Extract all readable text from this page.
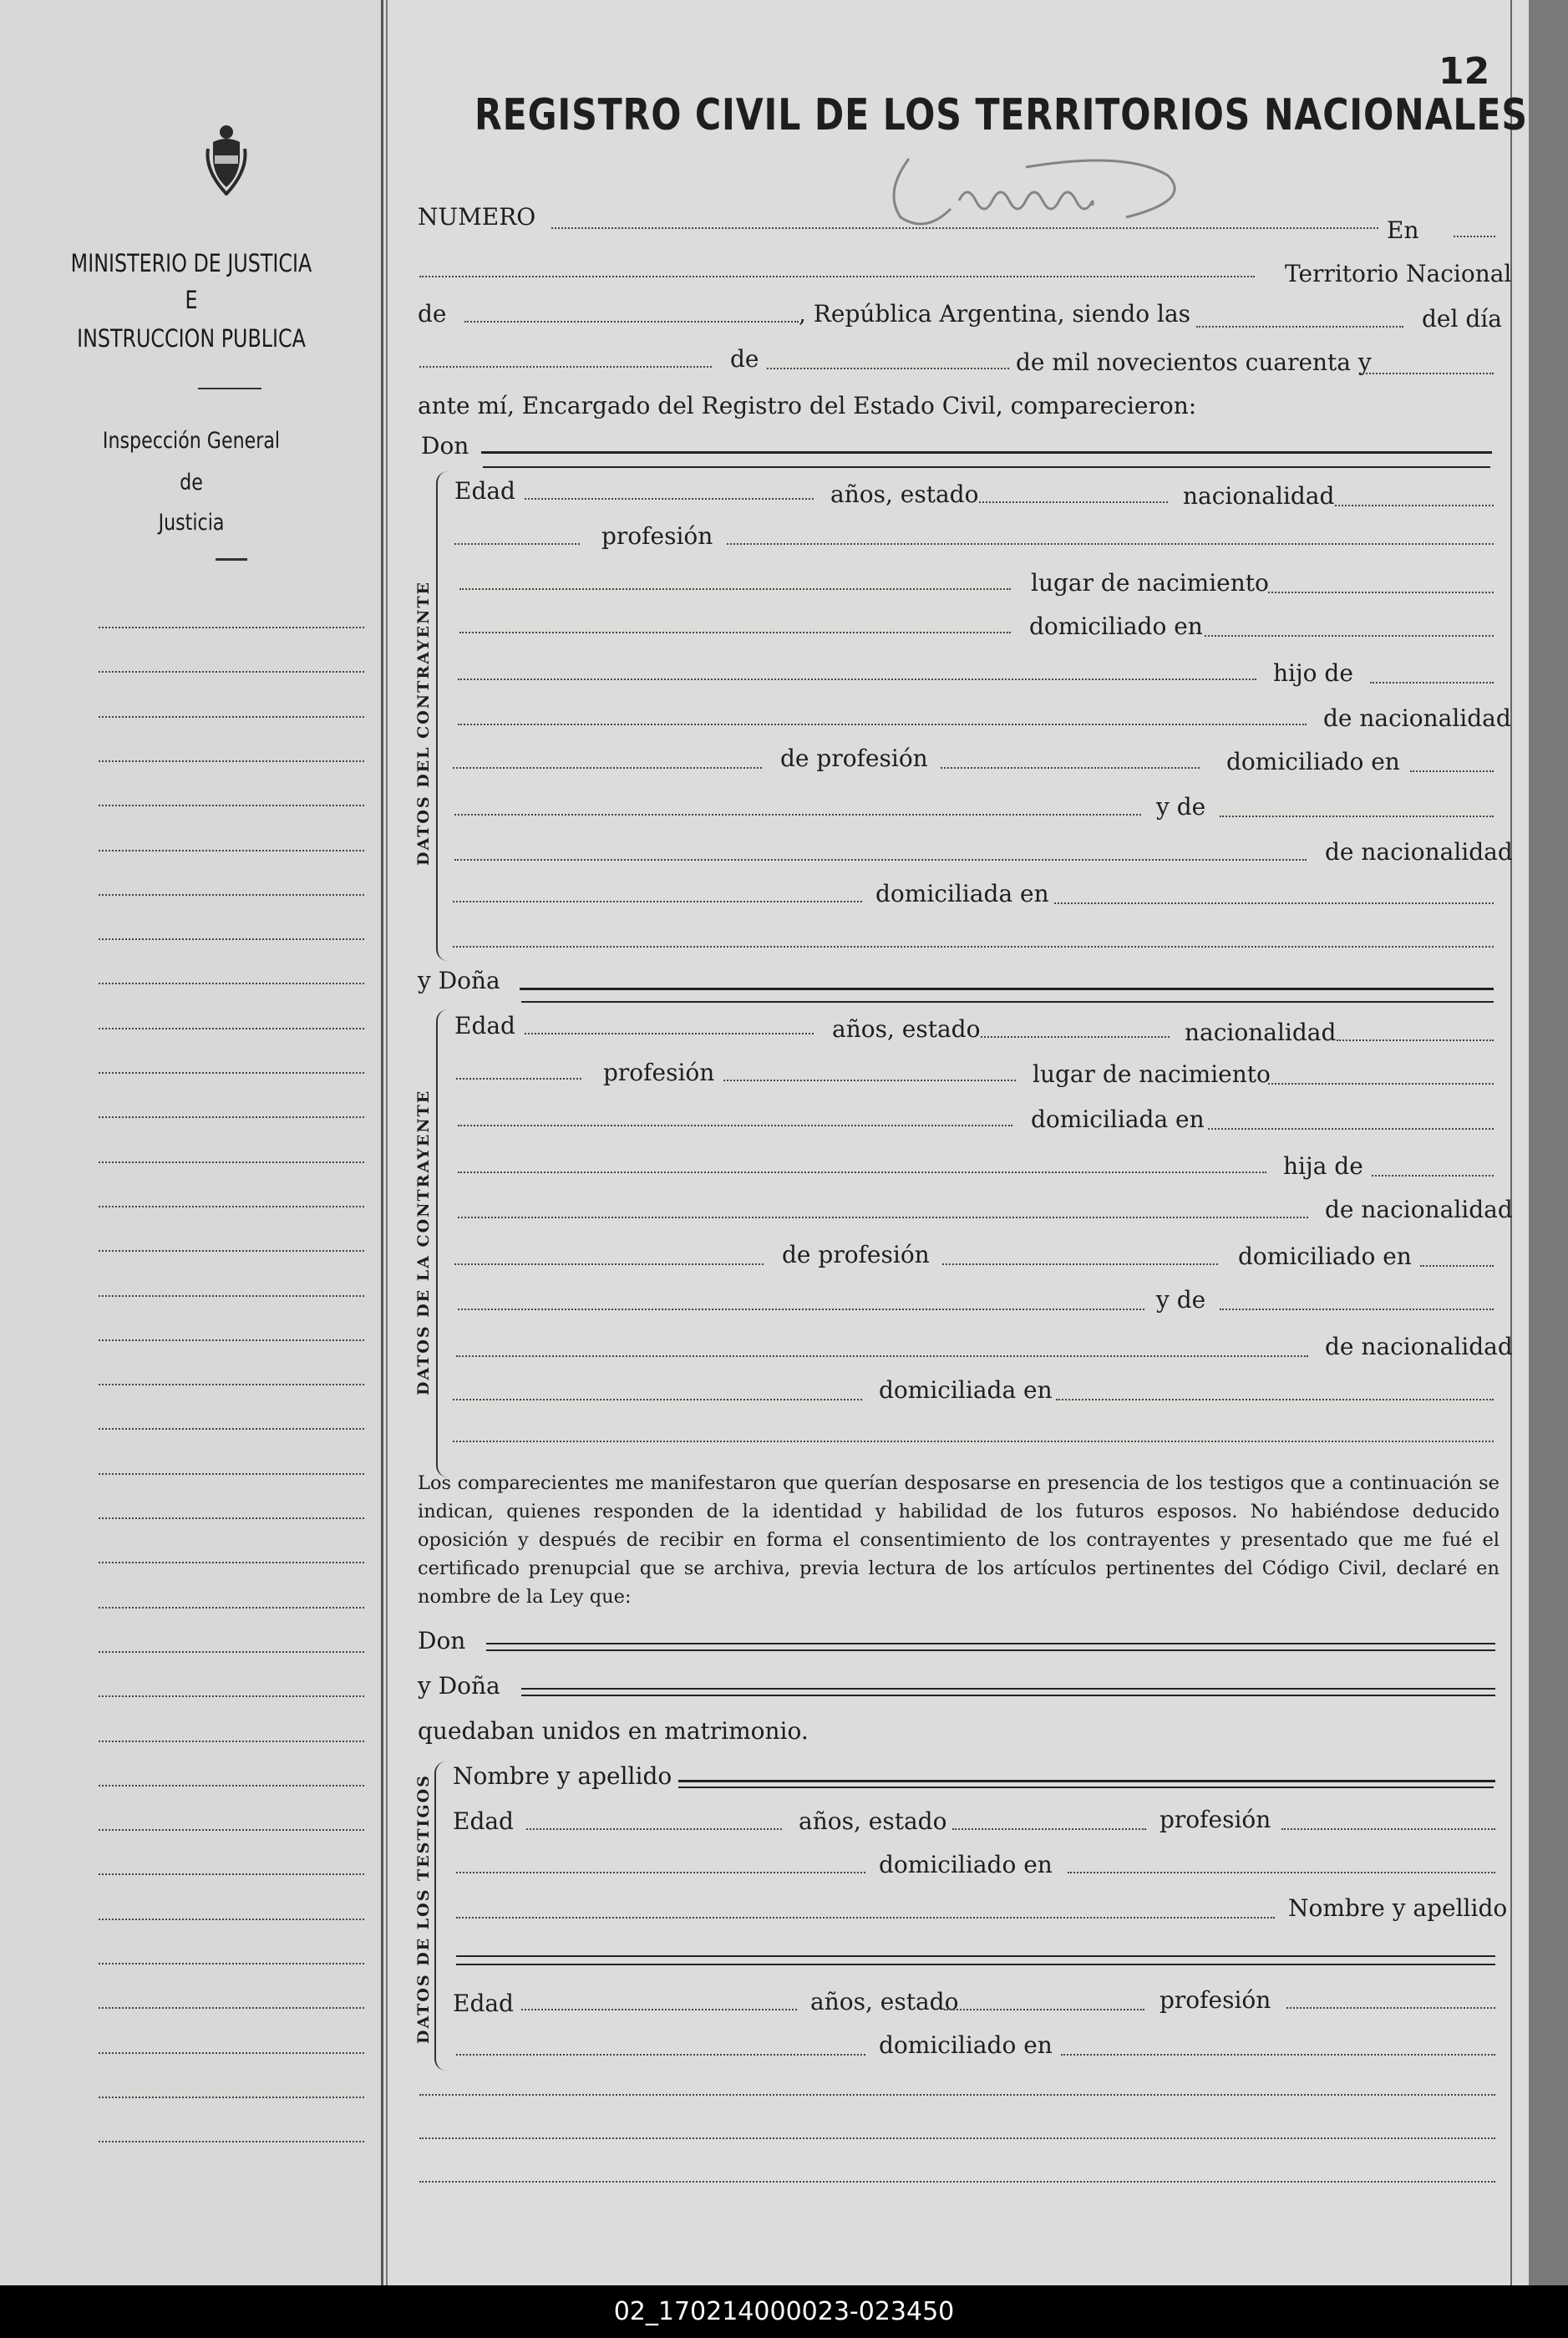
MINISTERIO DE JUSTICIA
E
INSTRUCCION PUBLICA
Inspección General
de
Justicia
12
REGISTRO CIVIL DE LOS TERRITORIOS NACIONALES
NUMERO	En
Territorio Nacional
de	, República Argentina, siendo las	del día
de	de mil novecientos cuarenta y
ante mí, Encargado del Registro del Estado Civil, comparecieron:
Don
DATOS DEL CONTRAYENTE
Edad	años, estado	nacionalidad
profesión
lugar de nacimiento
domiciliado en
hijo de
de nacionalidad
de profesión	domiciliado en
y de
de nacionalidad
domiciliada en
y Doña
DATOS DE LA CONTRAYENTE
Edad	años, estado	nacionalidad
profesión	lugar de nacimiento
domiciliada en
hija de
de nacionalidad
de profesión	domiciliado en
y de
de nacionalidad
domiciliada en
Los comparecientes me manifestaron que querían desposarse en presencia de los testigos que a continuación se indican, quienes responden de la identidad y habilidad de los futuros esposos. No habiéndose deducido oposición y después de recibir en forma el consentimiento de los contrayentes y presentado que me fué el certificado prenupcial que se archiva, previa lectura de los artículos pertinentes del Código Civil, declaré en nombre de la Ley que:
Don
y Doña
quedaban unidos en matrimonio.
DATOS DE LOS TESTIGOS Nombre y apellido
Edad	años, estado	profesión
domiciliado en
Nombre y apellido
Edad	años, estado	profesión
domiciliado en
02_170214000023-023450
